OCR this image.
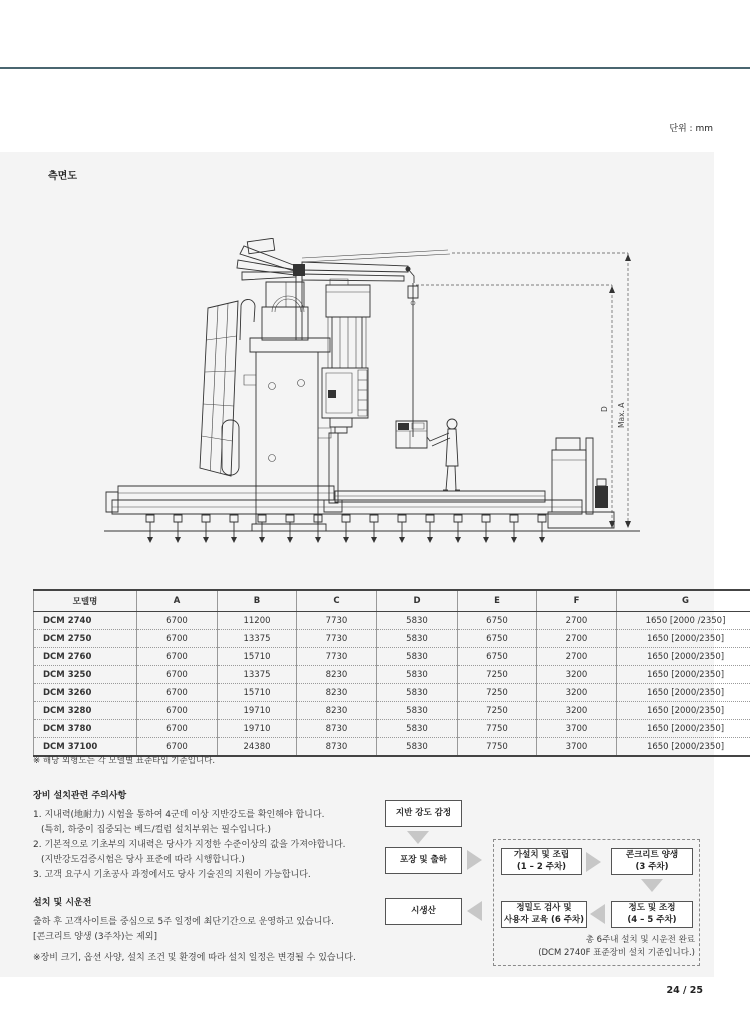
단위 : mm
측면도
D Max. A
모델명	A	B	C	D	E	F	G
DCM 2740	6700	11200	7730	5830	6750	2700	1650 [2000 /2350]
DCM 2750	6700	13375	7730	5830	6750	2700	1650 [2000/2350]
DCM 2760	6700	15710	7730	5830	6750	2700	1650 [2000/2350]
DCM 3250	6700	13375	8230	5830	7250	3200	1650 [2000/2350]
DCM 3260	6700	15710	8230	5830	7250	3200	1650 [2000/2350]
DCM 3280	6700	19710	8230	5830	7250	3200	1650 [2000/2350]
DCM 3780	6700	19710	8730	5830	7750	3700	1650 [2000/2350]
DCM 37100	6700	24380	8730	5830	7750	3700	1650 [2000/2350]
※ 해당 외형도는 각 모델별 표준타입 기준입니다.
장비 설치관련 주의사항
1. 지내력(地耐力) 시험을 통하여 4군데 이상 지반강도를 확인해야 합니다.
(특히, 하중이 집중되는 베드/컬럼 설치부위는 필수입니다.)
2. 기본적으로 기초부의 지내력은 당사가 지정한 수준이상의 값을 가져야합니다.
(지반강도검증시험은 당사 표준에 따라 시행합니다.)
3. 고객 요구시 기초공사 과정에서도 당사 기술진의 지원이 가능합니다.
설치 및 시운전
출하 후 고객사이트를 중심으로 5주 일정에 최단기간으로 운영하고 있습니다.
[콘크리트 양생 (3주차)는 제외]
※장비 크기, 옵션 사양, 설치 조건 및 환경에 따라 설치 일정은 변경될 수 있습니다.
지반 강도 감정
포장 및 출하
시생산
가설치 및 조립
(1 – 2 주차)
콘크리트 양생
(3 주차)
정도 및 조정
(4 – 5 주차)
정밀도 검사 및
사용자 교육 (6 주차)
총 6주내 설치 및 시운전 완료
(DCM 2740F 표준장비 설치 기준입니다.)
24 / 25
